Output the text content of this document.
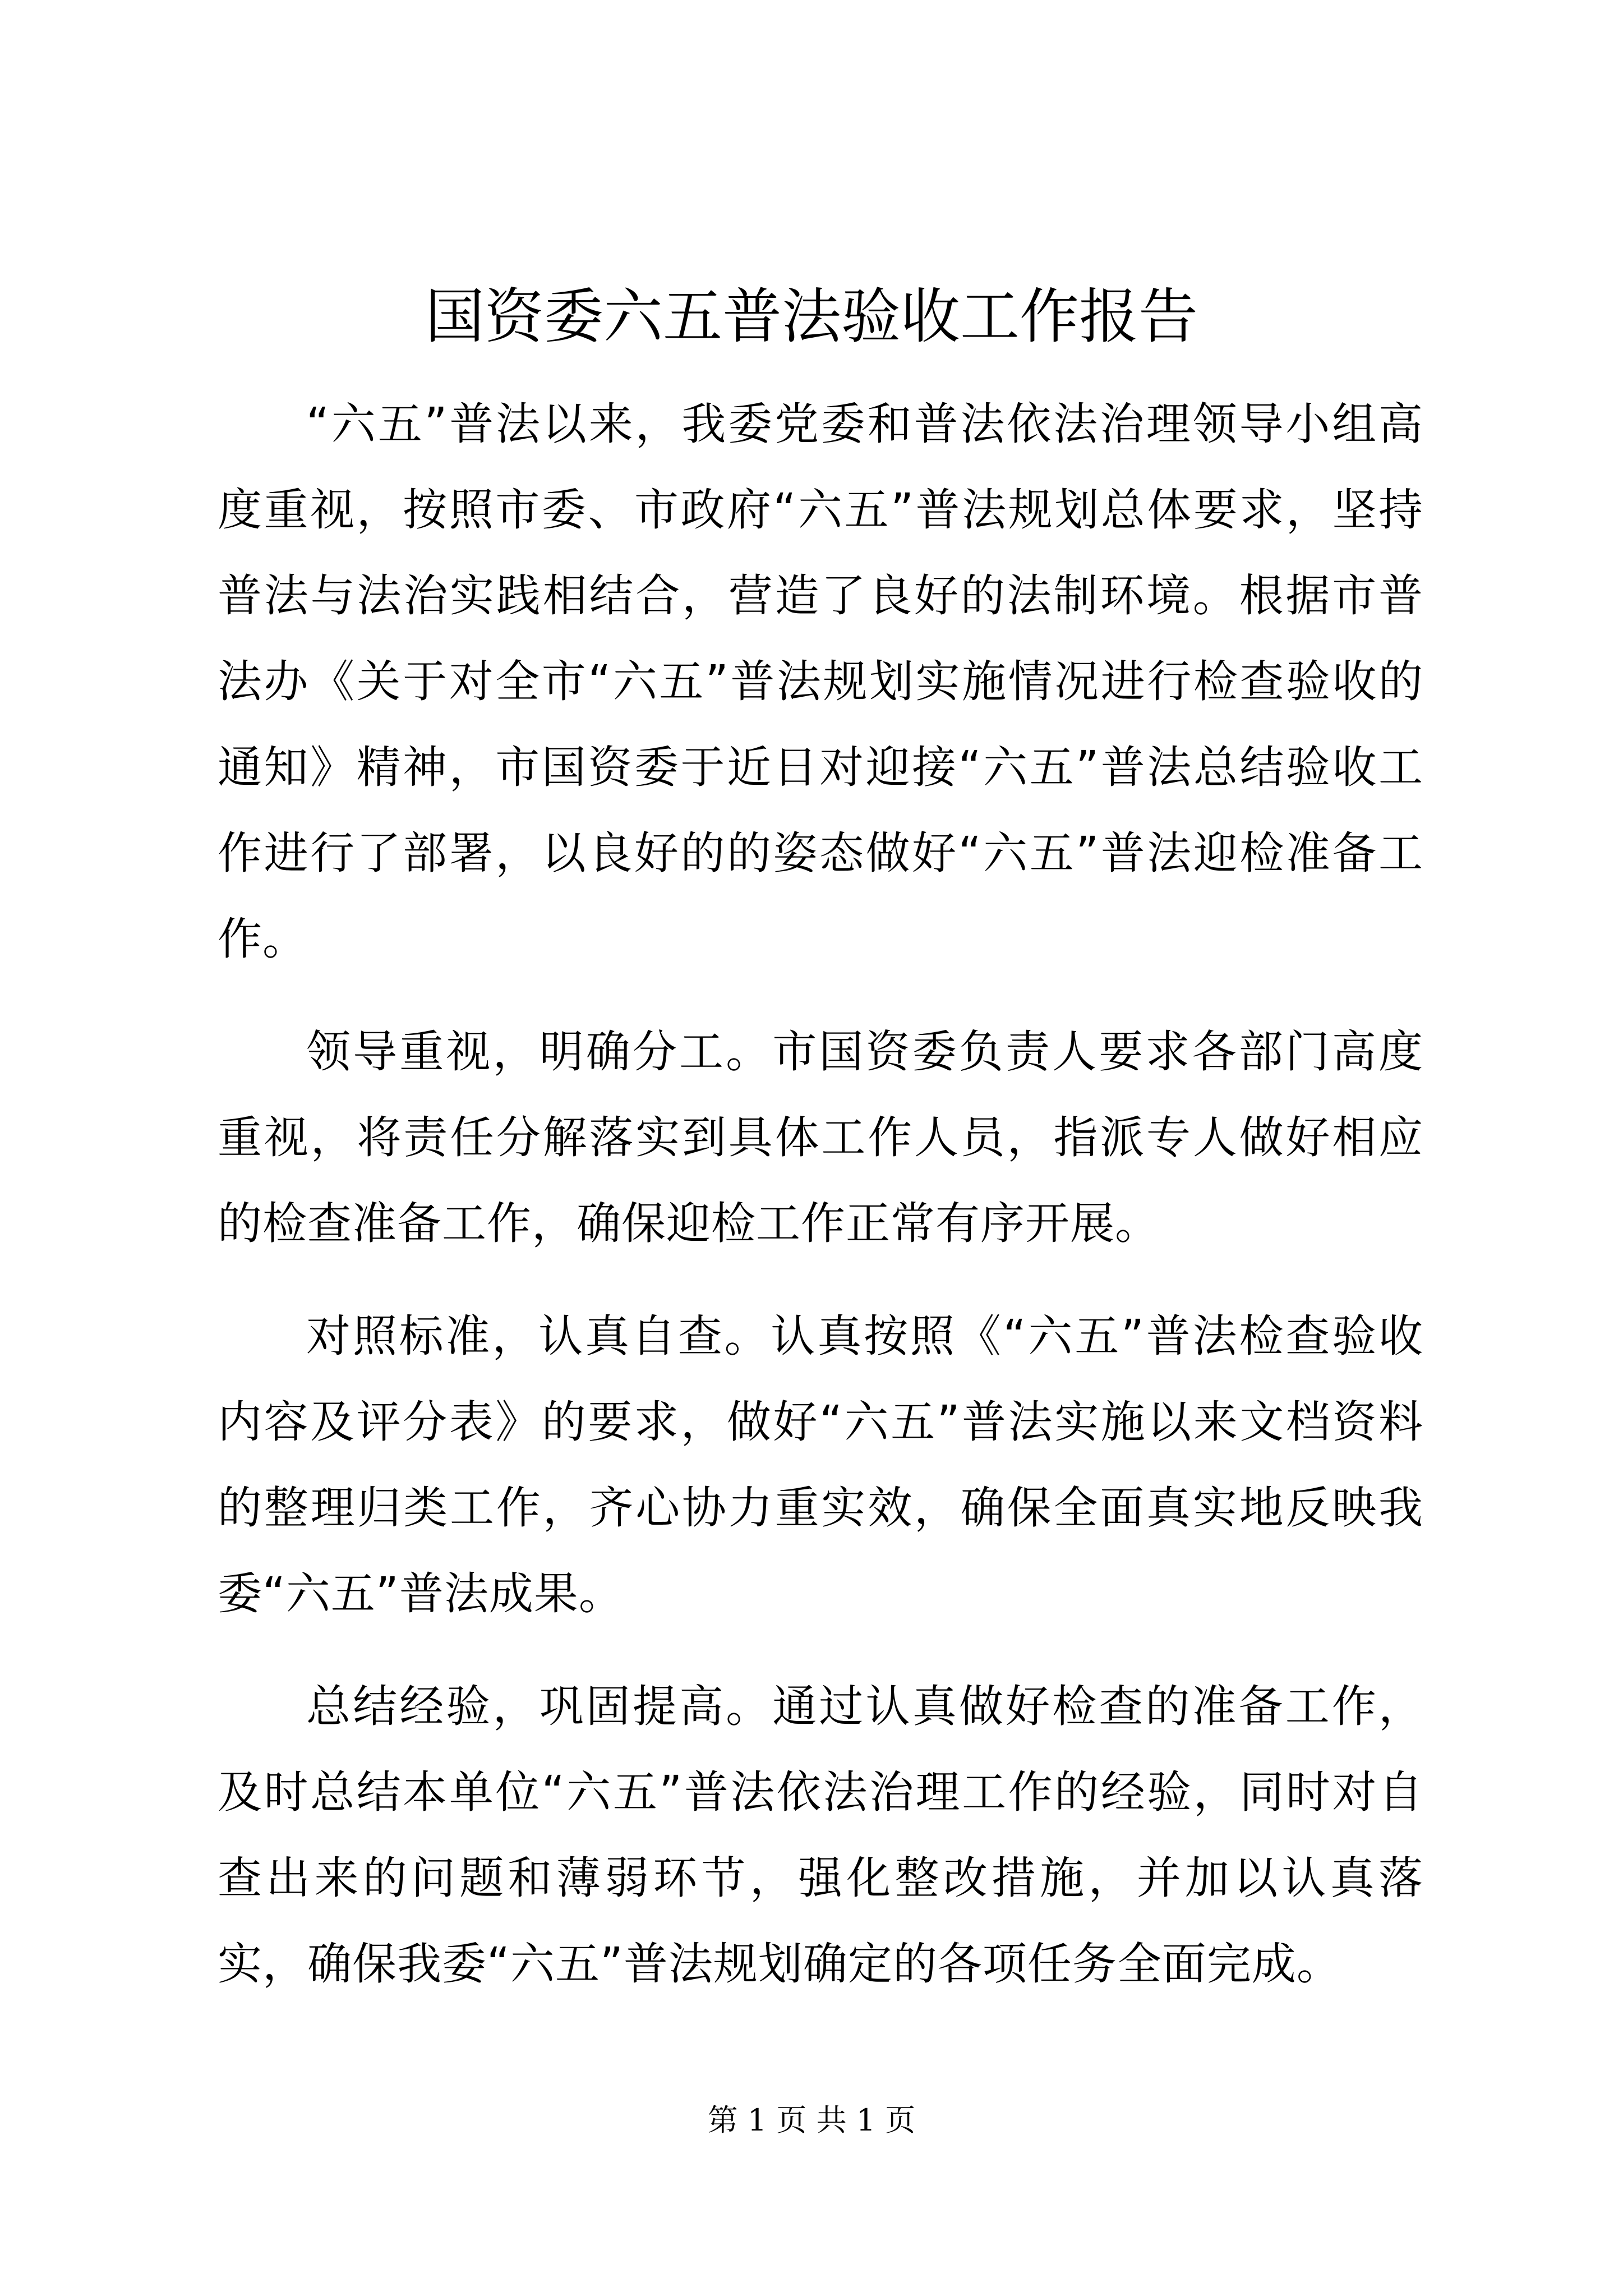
国资委六五普法验收工作报告

“六五”普法以来，我委党委和普法依法治理领导小组高度重视，按照市委、市政府“六五”普法规划总体要求，坚持普法与法治实践相结合，营造了良好的法制环境。根据市普法办《关于对全市“六五”普法规划实施情况进行检查验收的通知》精神，市国资委于近日对迎接“六五”普法总结验收工作进行了部署，以良好的的姿态做好“六五”普法迎检准备工作。

领导重视，明确分工。市国资委负责人要求各部门高度重视，将责任分解落实到具体工作人员，指派专人做好相应的检查准备工作，确保迎检工作正常有序开展。

对照标准，认真自查。认真按照《“六五”普法检查验收内容及评分表》的要求，做好“六五”普法实施以来文档资料的整理归类工作，齐心协力重实效，确保全面真实地反映我委“六五”普法成果。

总结经验，巩固提高。通过认真做好检查的准备工作，及时总结本单位“六五”普法依法治理工作的经验，同时对自查出来的问题和薄弱环节，强化整改措施，并加以认真落实，确保我委“六五”普法规划确定的各项任务全面完成。

第 1 页 共 1 页
